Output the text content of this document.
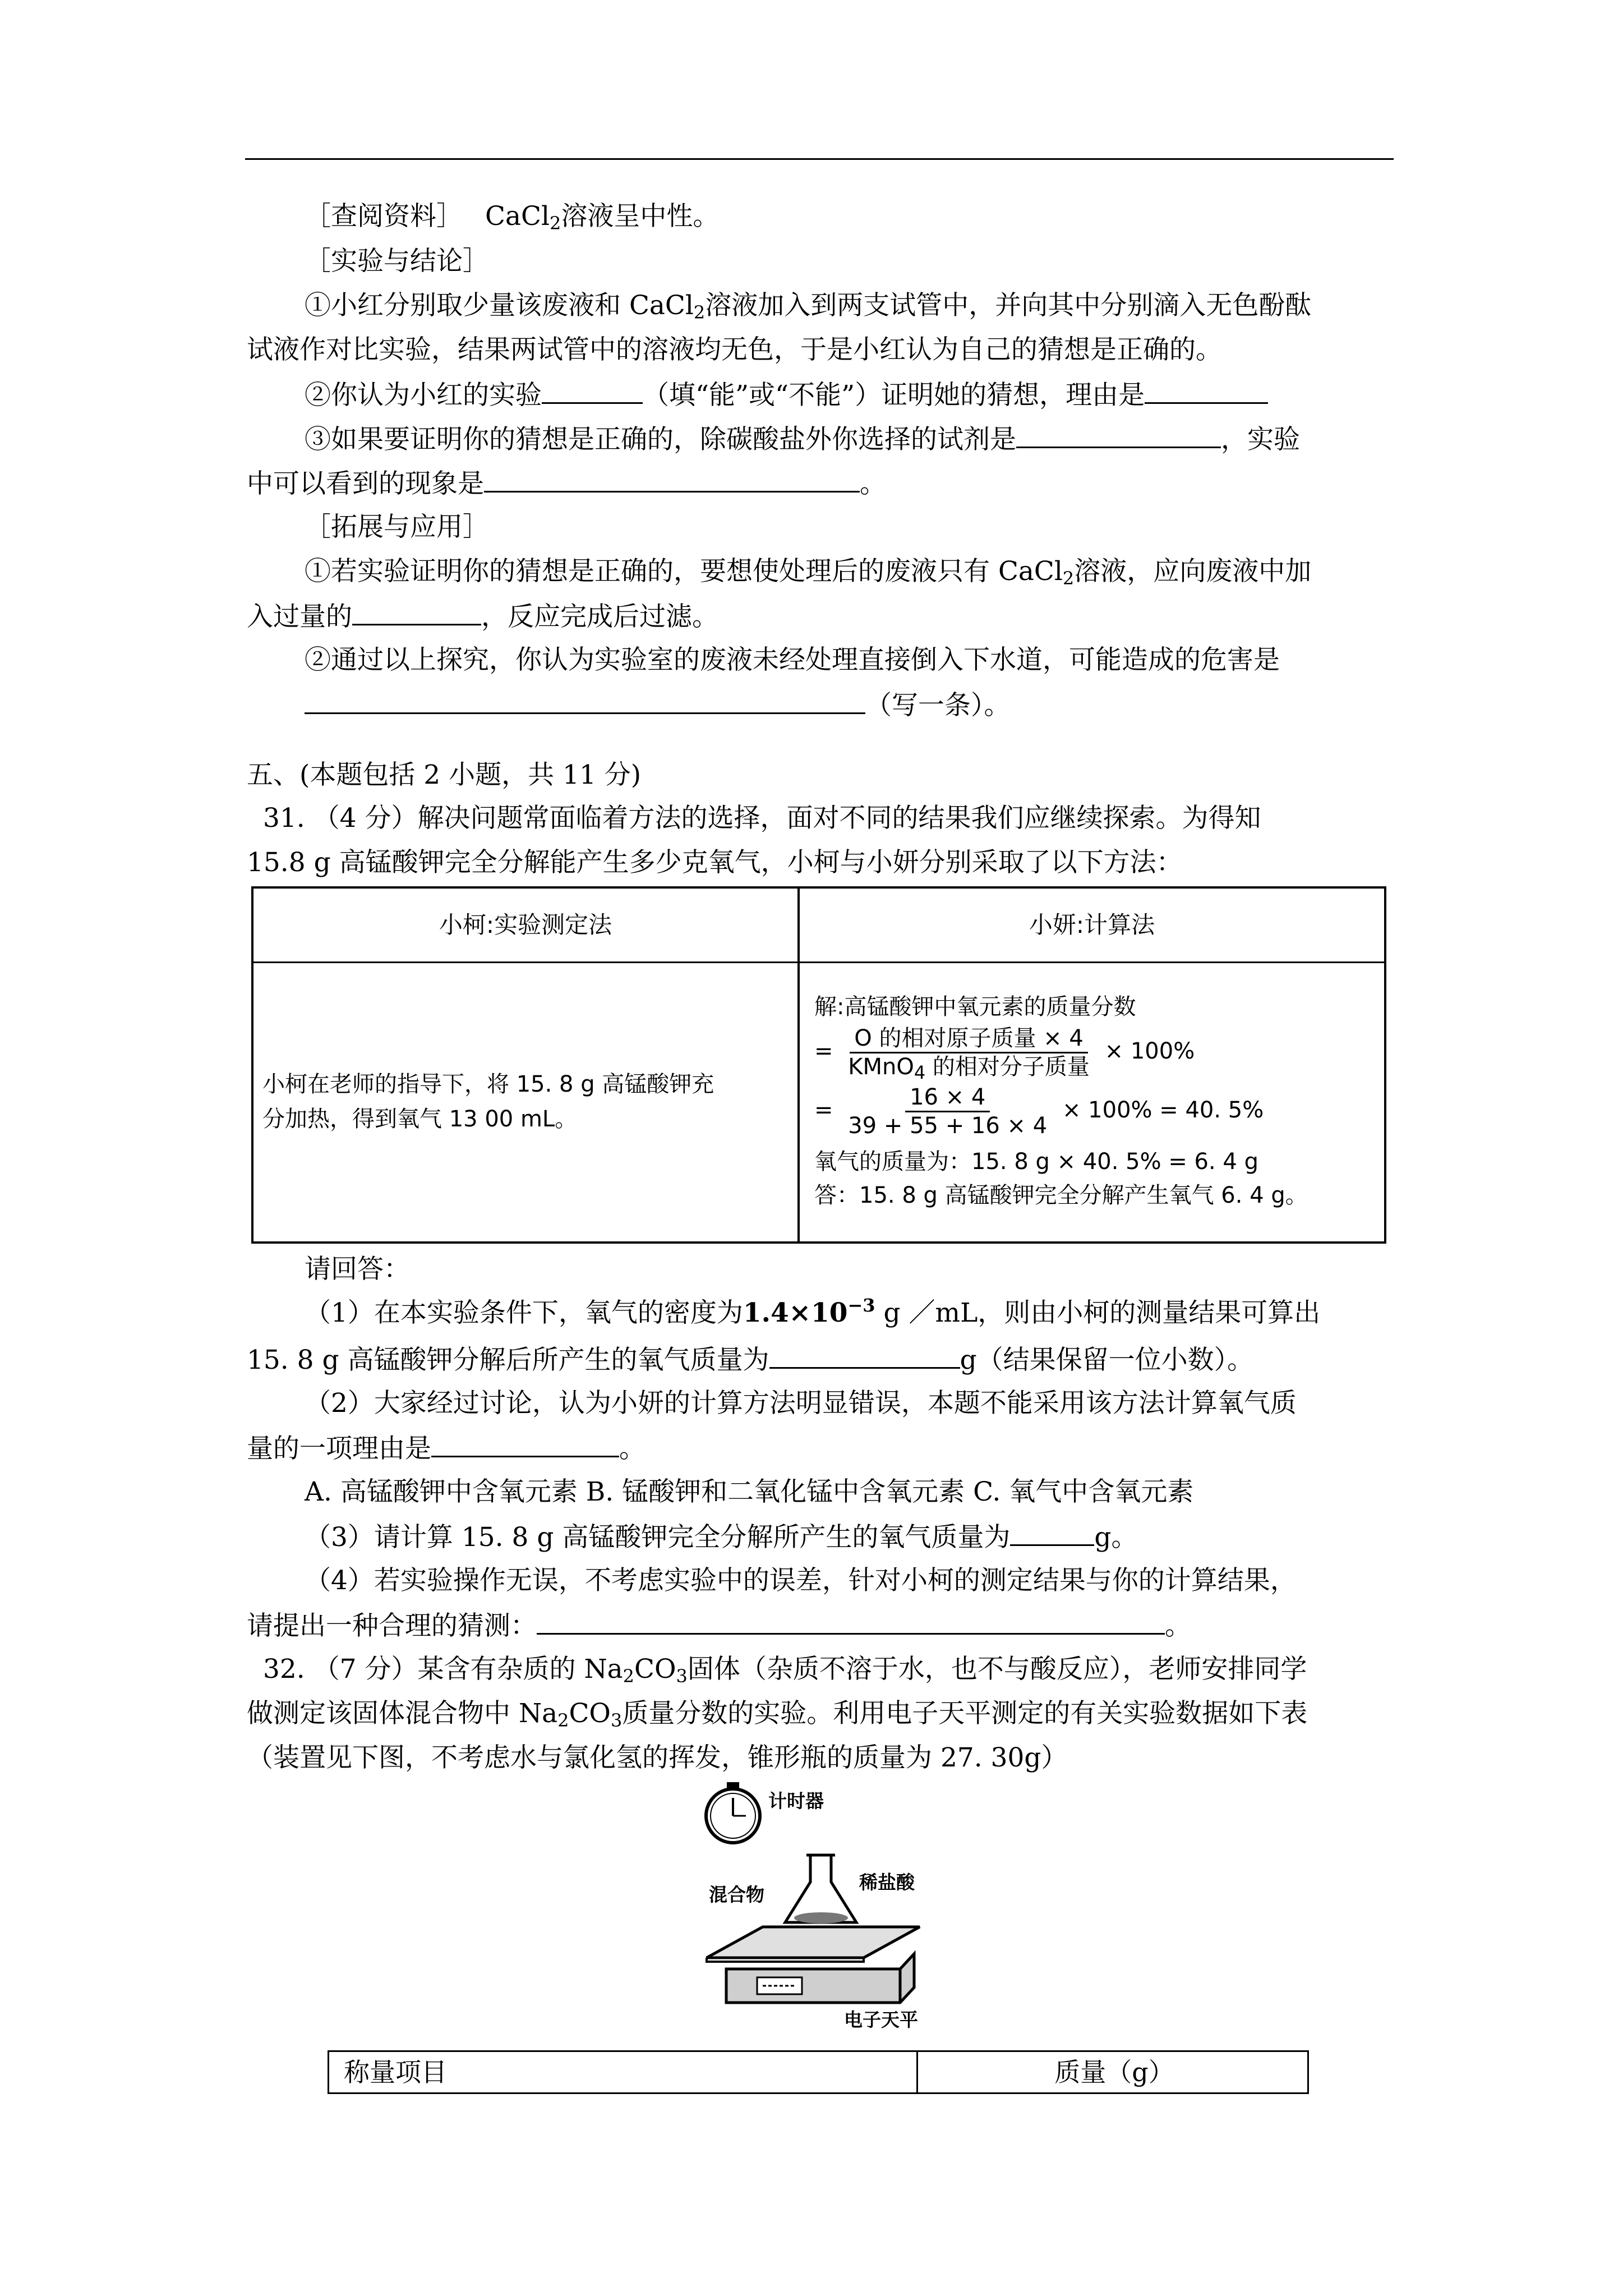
［查阅资料］ CaCl$_2$溶液呈中性。
［实验与结论］
①小红分别取少量该废液和 CaCl$_2$溶液加入到两支试管中，并向其中分别滴入无色酚酞
试液作对比实验，结果两试管中的溶液均无色，于是小红认为自己的猜想是正确的。
②你认为小红的实验	（填“能”或“不能”）证明她的猜想，理由是
③如果要证明你的猜想是正确的，除碳酸盐外你选择的试剂是	，实验
中可以看到的现象是	。
［拓展与应用］
①若实验证明你的猜想是正确的，要想使处理后的废液只有 CaCl$_2$溶液，应向废液中加
入过量的	，反应完成后过滤。
②通过以上探究，你认为实验室的废液未经处理直接倒入下水道，可能造成的危害是
（写一条）。
五、(本题包括 2 小题，共 11 分)
31. （4 分）解决问题常面临着方法的选择，面对不同的结果我们应继续探索。为得知
15.8 g 高锰酸钾完全分解能产生多少克氧气，小柯与小妍分别采取了以下方法：
小柯:实验测定法	小妍:计算法
小柯在老师的指导下，将 15. 8 g 高锰酸钾充
分加热，得到氧气 13 00 mL。
解:高锰酸钾中氧元素的质量分数
= $\frac{\text{O 的相对原子质量 × 4}}{KMnO_4 的相对分子质量} \times 100\%$
= $\frac{16 \times 4}{39 + 55 + 16 \times 4} \times 100\% = 40$. 5%
氧气的质量为：15. 8 g × 40. 5% = 6. 4 g
答：15. 8 g 高锰酸钾完全分解产生氧气 6. 4 g。
请回答：
（1）在本实验条件下，氧气的密度为$1.4\times 10^{-3}$ g ／mL，则由小柯的测量结果可算出
15. 8 g 高锰酸钾分解后所产生的氧气质量为	g（结果保留一位小数）。
（2）大家经过讨论，认为小妍的计算方法明显错误，本题不能采用该方法计算氧气质
量的一项理由是	。
A. 高锰酸钾中含氧元素 B. 锰酸钾和二氧化锰中含氧元素 C. 氧气中含氧元素
（3）请计算 15. 8 g 高锰酸钾完全分解所产生的氧气质量为	g。
（4）若实验操作无误，不考虑实验中的误差，针对小柯的测定结果与你的计算结果，
请提出一种合理的猜测：	。
32. （7 分）某含有杂质的 $Na_2CO_3$固体（杂质不溶于水，也不与酸反应），老师安排同学
做测定该固体混合物中 $Na_2CO_3$质量分数的实验。利用电子天平测定的有关实验数据如下表
（装置见下图，不考虑水与氯化氢的挥发，锥形瓶的质量为 27. 30g）
计时器
混合物
稀盐酸
电子天平
称量项目	质量（g）
